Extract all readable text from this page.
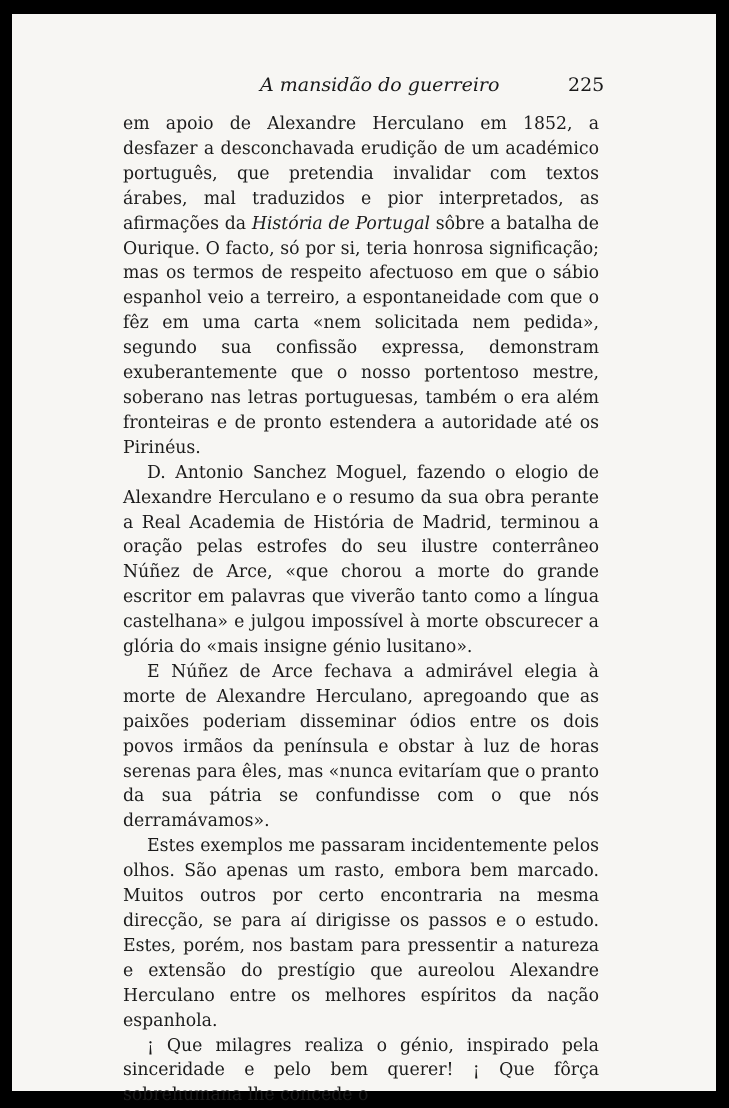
A mansidão do guerreiro	225

em apoio de Alexandre Herculano em 1852, a desfazer a desconchavada erudição de um académico português, que pretendia invalidar com textos árabes, mal traduzidos e pior interpretados, as afirmações da História de Portugal sôbre a batalha de Ourique. O facto, só por si, teria honrosa significação; mas os termos de respeito afectuoso em que o sábio espanhol veio a terreiro, a espontaneidade com que o fêz em uma carta «nem solicitada nem pedida», segundo sua confissão expressa, demonstram exuberantemente que o nosso portentoso mestre, soberano nas letras portuguesas, também o era além fronteiras e de pronto estendera a autoridade até os Pirinéus.

D. Antonio Sanchez Moguel, fazendo o elogio de Alexandre Herculano e o resumo da sua obra perante a Real Academia de História de Madrid, terminou a oração pelas estrofes do seu ilustre conterrâneo Núñez de Arce, «que chorou a morte do grande escritor em palavras que viverão tanto como a língua castelhana» e julgou impossível à morte obscurecer a glória do «mais insigne génio lusitano».

E Núñez de Arce fechava a admirável elegia à morte de Alexandre Herculano, apregoando que as paixões poderiam disseminar ódios entre os dois povos irmãos da península e obstar à luz de horas serenas para êles, mas «nunca evitaríam que o pranto da sua pátria se confundisse com o que nós derramávamos».

Estes exemplos me passaram incidentemente pelos olhos. São apenas um rasto, embora bem marcado. Muitos outros por certo encontraria na mesma direcção, se para aí dirigisse os passos e o estudo. Estes, porém, nos bastam para pressentir a natureza e extensão do prestígio que aureolou Alexandre Herculano entre os melhores espíritos da nação espanhola.

¡ Que milagres realiza o génio, inspirado pela sinceridade e pelo bem querer! ¡ Que fôrça sobrehumana lhe concede o
